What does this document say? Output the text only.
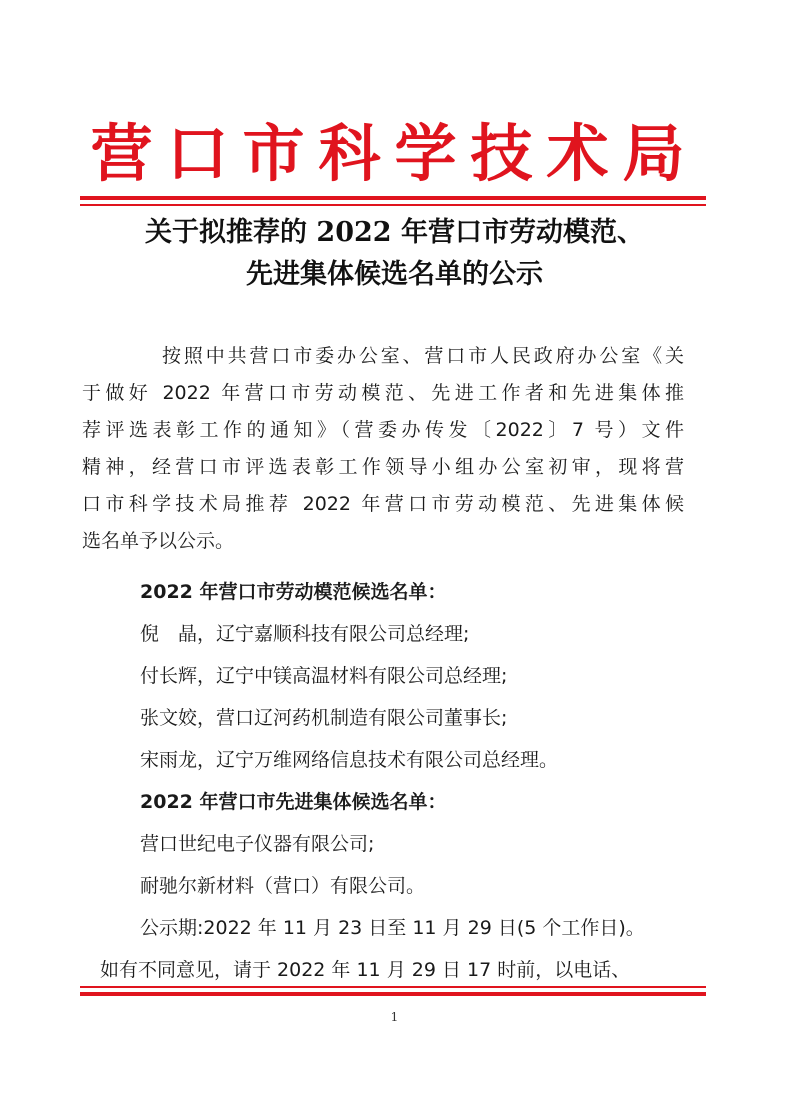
营口市科学技术局
关于拟推荐的 2022 年营口市劳动模范、
先进集体候选名单的公示
按照中共营口市委办公室、营口市人民政府办公室《关
于做好 2022 年营口市劳动模范、先进工作者和先进集体推
荐评选表彰工作的通知》（营委办传发〔2022〕7 号）文件
精神，经营口市评选表彰工作领导小组办公室初审，现将营
口市科学技术局推荐 2022 年营口市劳动模范、先进集体候
选名单予以公示。
2022 年营口市劳动模范候选名单：
倪　晶，辽宁嘉顺科技有限公司总经理;
付长辉，辽宁中镁高温材料有限公司总经理;
张文姣，营口辽河药机制造有限公司董事长;
宋雨龙，辽宁万维网络信息技术有限公司总经理。
2022 年营口市先进集体候选名单：
营口世纪电子仪器有限公司;
耐驰尔新材料（营口）有限公司。
公示期:2022 年 11 月 23 日至 11 月 29 日(5 个工作日)。
如有不同意见，请于 2022 年 11 月 29 日 17 时前，以电话、
1
